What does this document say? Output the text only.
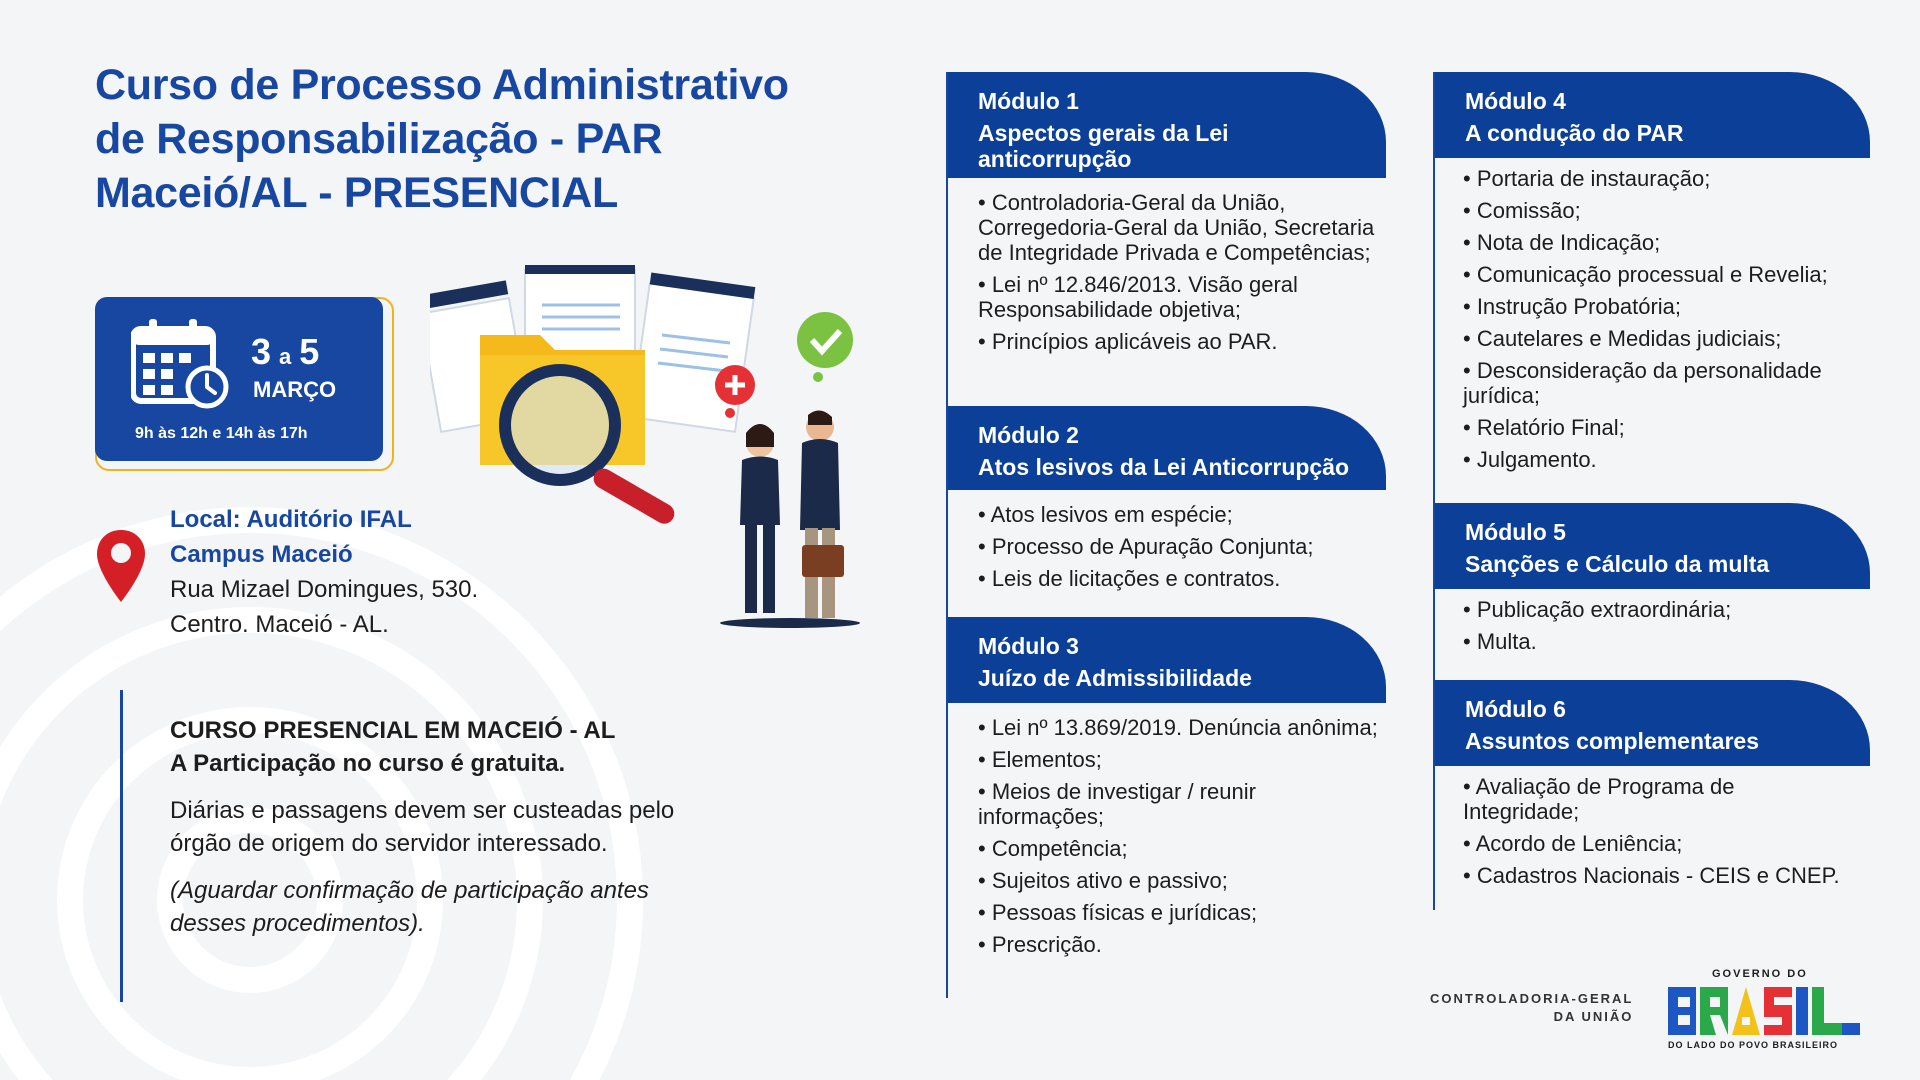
Curso de Processo Administrativo
de Responsabilização - PAR
Maceió/AL - PRESENCIAL
3 a 5
MARÇO
9h às 12h e 14h às 17h
Local: Auditório IFAL
Campus Maceió
Rua Mizael Domingues, 530.
Centro. Maceió - AL.
CURSO PRESENCIAL EM MACEIÓ - AL
A Participação no curso é gratuita.
Diárias e passagens devem ser custeadas pelo órgão de origem do servidor interessado.
(Aguardar confirmação de participação antes desses procedimentos).
Módulo 1
Aspectos gerais da Lei
anticorrupção
• Controladoria-Geral da União, Corregedoria-Geral da União, Secretaria de Integridade Privada e Competências;
• Lei nº 12.846/2013. Visão geral Responsabilidade objetiva;
• Princípios aplicáveis ao PAR.
Módulo 2
Atos lesivos da Lei Anticorrupção
• Atos lesivos em espécie;
• Processo de Apuração Conjunta;
• Leis de licitações e contratos.
Módulo 3
Juízo de Admissibilidade
• Lei nº 13.869/2019. Denúncia anônima;
• Elementos;
• Meios de investigar / reunir informações;
• Competência;
• Sujeitos ativo e passivo;
• Pessoas físicas e jurídicas;
• Prescrição.
Módulo 4
A condução do PAR
• Portaria de instauração;
• Comissão;
• Nota de Indicação;
• Comunicação processual e Revelia;
• Instrução Probatória;
• Cautelares e Medidas judiciais;
• Desconsideração da personalidade jurídica;
• Relatório Final;
• Julgamento.
Módulo 5
Sanções e Cálculo da multa
• Publicação extraordinária;
• Multa.
Módulo 6
Assuntos complementares
• Avaliação de Programa de Integridade;
• Acordo de Leniência;
• Cadastros Nacionais - CEIS e CNEP.
CONTROLADORIA-GERAL
DA UNIÃO
GOVERNO DO
DO LADO DO POVO BRASILEIRO
